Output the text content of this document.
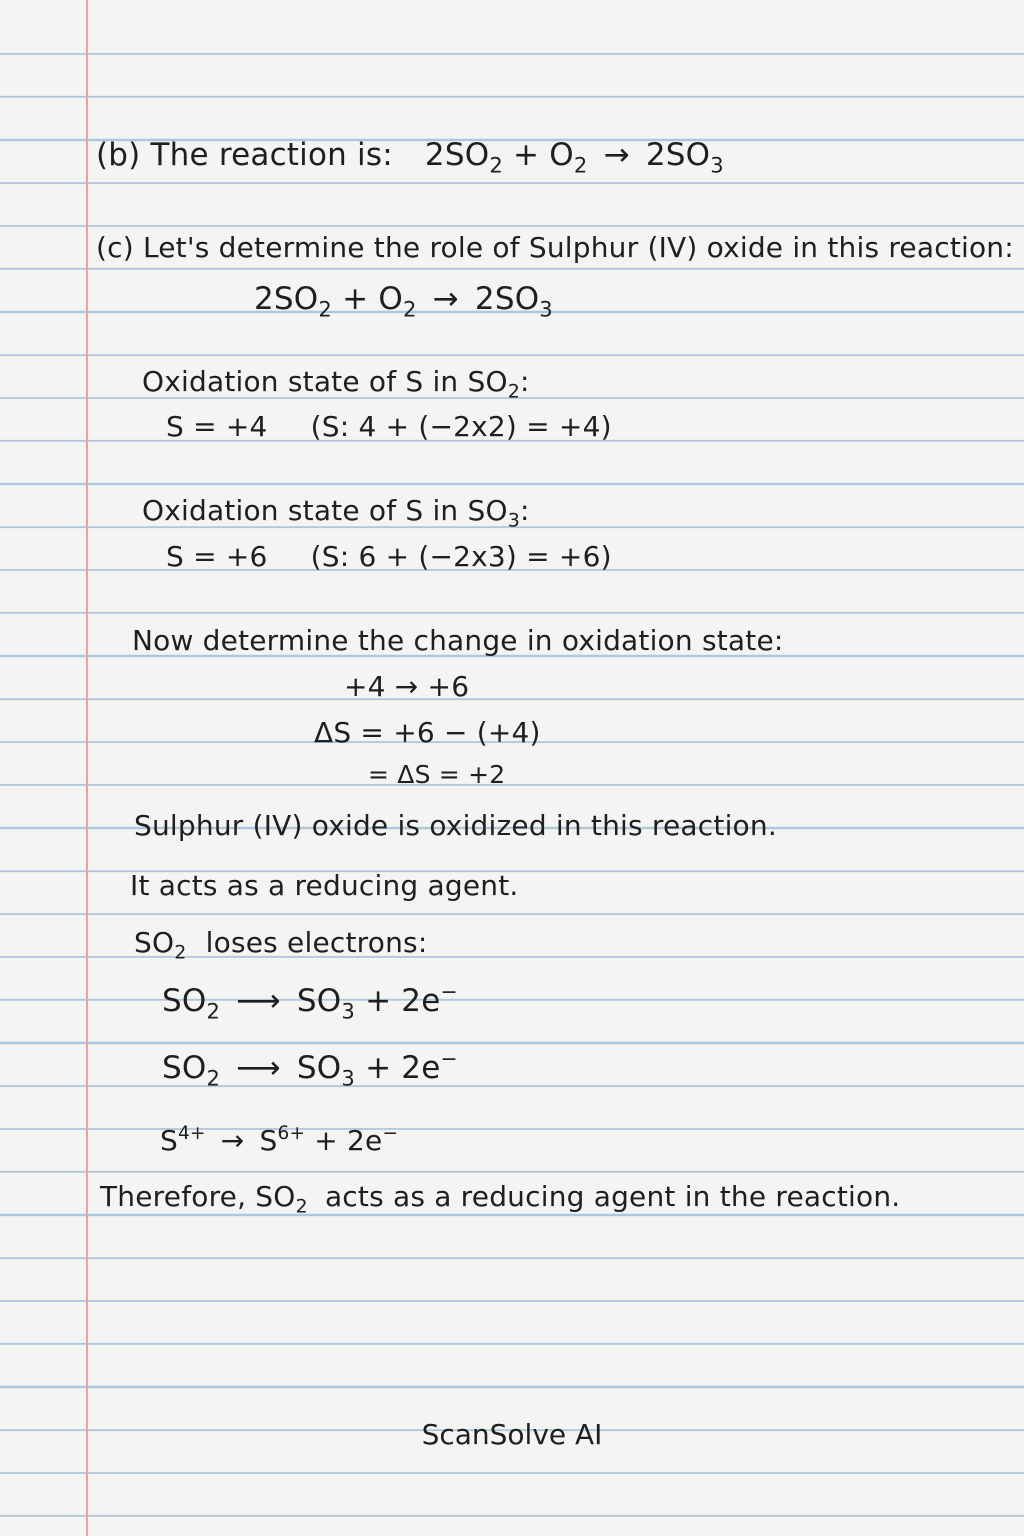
(b) The reaction is: $2SO_2 + O_2 \to 2SO_3$
(c) Let's determine the role of Sulphur (IV) oxide in this reaction:
$2SO_2 + O_2 \to 2SO_3$
Oxidation state of S in $SO_2$:
S = +4 (S: 4 + (−2x2) = +4)
Oxidation state of S in $SO_3$:
S = +6 (S: 6 + (−2x3) = +6)
Now determine the change in oxidation state:
+4 → +6
ΔS = +6 − (+4)
= ΔS = +2
Sulphur (IV) oxide is oxidized in this reaction.
It acts as a reducing agent.
$SO_2$ loses electrons:
$SO_2$ ⟶ $SO_3 + 2e^-$
$SO_2$ ⟶ $SO_3 + 2e^-$
$S^{4+} \to S^{6+} + 2e^-$
Therefore, $SO_2$ acts as a reducing agent in the reaction.
ScanSolve AI
